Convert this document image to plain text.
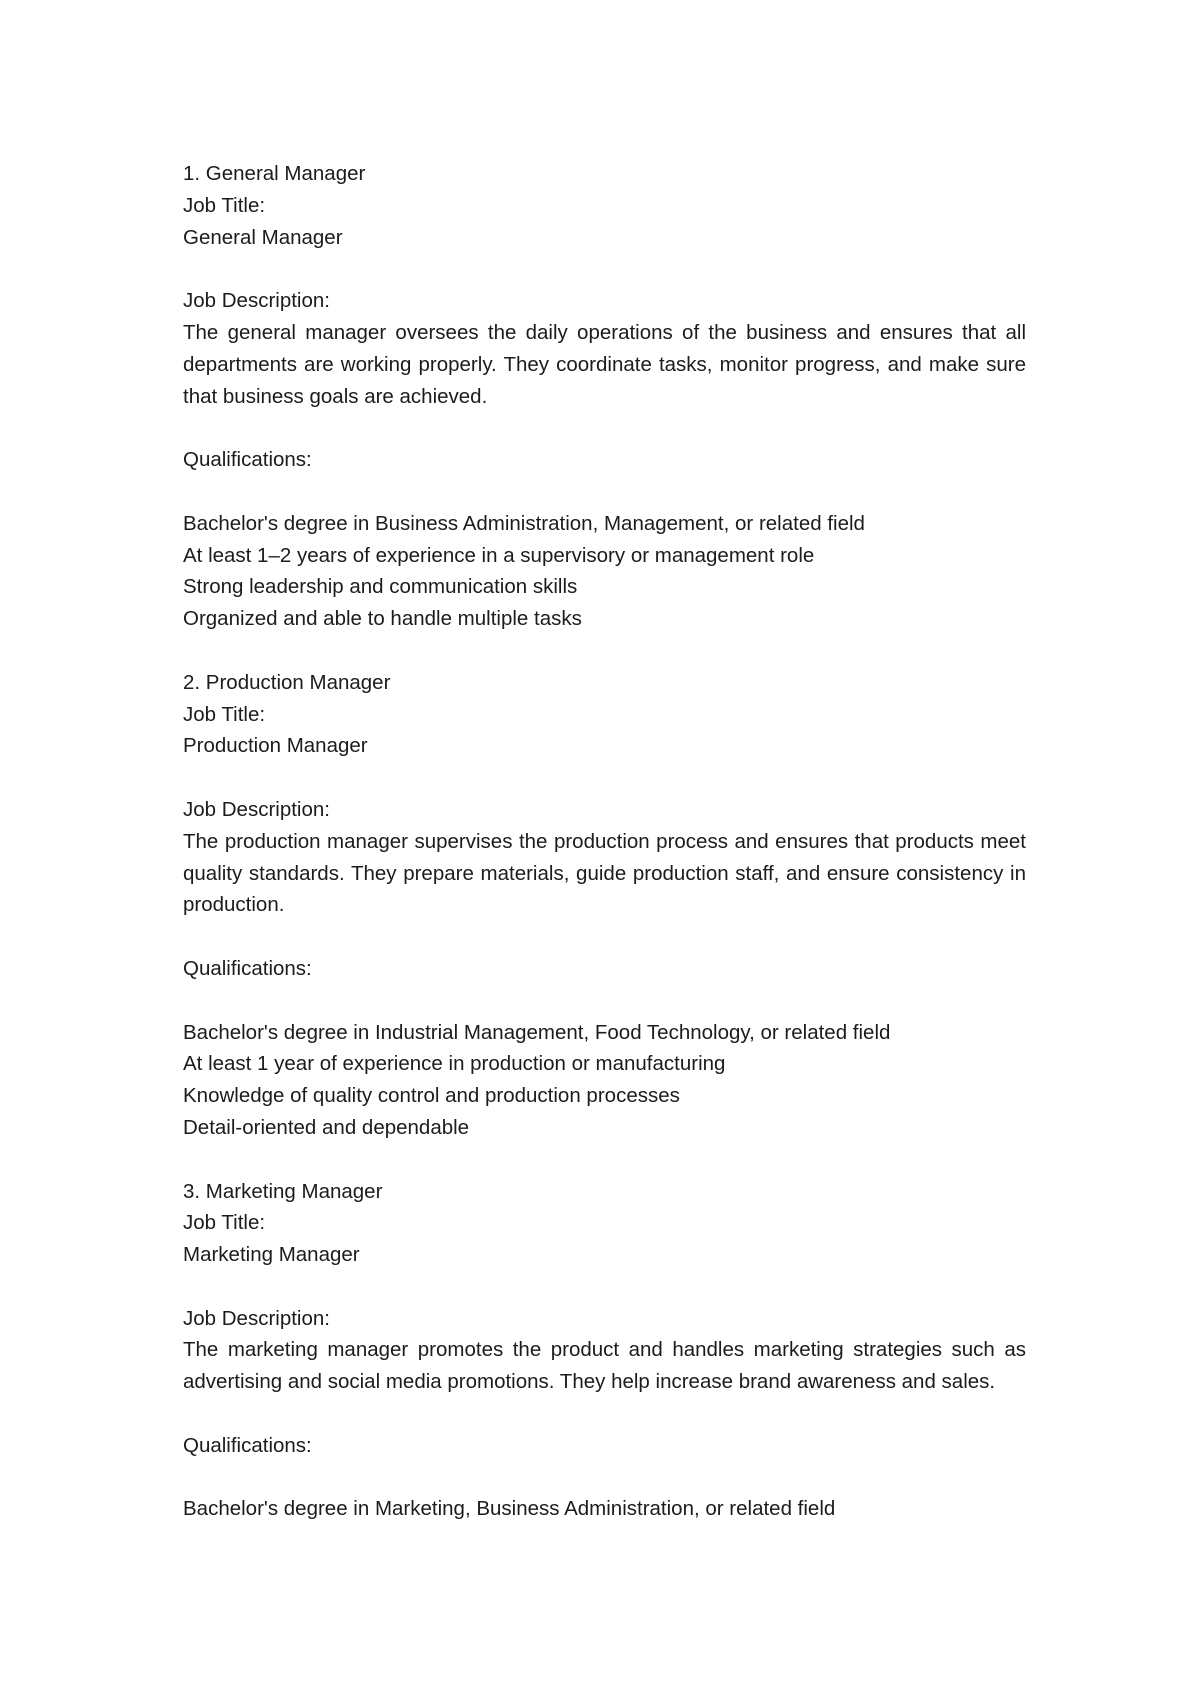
1. General Manager
Job Title:
General Manager
Job Description:
The general manager oversees the daily operations of the business and ensures that all departments are working properly. They coordinate tasks, monitor progress, and make sure that business goals are achieved.
Qualifications:
Bachelor's degree in Business Administration, Management, or related field
At least 1–2 years of experience in a supervisory or management role
Strong leadership and communication skills
Organized and able to handle multiple tasks
2. Production Manager
Job Title:
Production Manager
Job Description:
The production manager supervises the production process and ensures that products meet quality standards. They prepare materials, guide production staff, and ensure consistency in production.
Qualifications:
Bachelor's degree in Industrial Management, Food Technology, or related field
At least 1 year of experience in production or manufacturing
Knowledge of quality control and production processes
Detail-oriented and dependable
3. Marketing Manager
Job Title:
Marketing Manager
Job Description:
The marketing manager promotes the product and handles marketing strategies such as advertising and social media promotions. They help increase brand awareness and sales.
Qualifications:
Bachelor's degree in Marketing, Business Administration, or related field
